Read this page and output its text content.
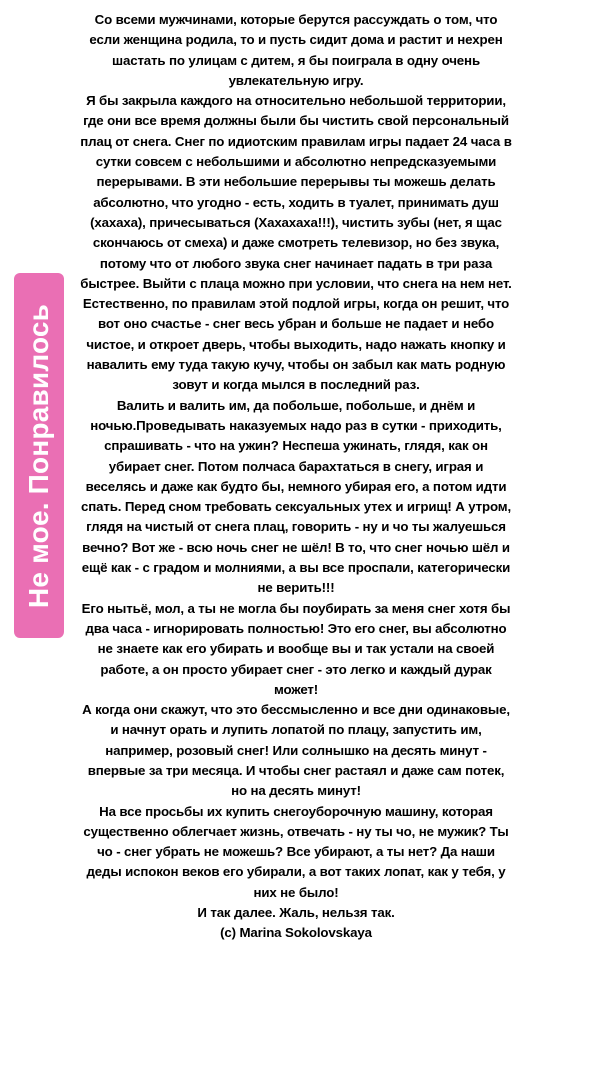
Со всеми мужчинами, которые берутся рассуждать о том, что если женщина родила, то и пусть сидит дома и растит и нехрен шастать по улицам с дитем, я бы поиграла в одну очень увлекательную игру.

Я бы закрыла каждого на относительно небольшой территории, где они все время должны были бы чистить свой персональный плац от снега. Снег по идиотским правилам игры падает 24 часа в сутки совсем с небольшими и абсолютно непредсказуемыми перерывами. В эти небольшие перерывы ты можешь делать абсолютно, что угодно - есть, ходить в туалет, принимать душ (хахаха), причесываться (Хахахаха!!!), чистить зубы (нет, я щас скончаюсь от смеха) и даже смотреть телевизор, но без звука, потому что от любого звука снег начинает падать в три раза быстрее. Выйти с плаца можно при условии, что снега на нем нет.

Естественно, по правилам этой подлой игры, когда он решит, что вот оно счастье - снег весь убран и больше не падает и небо чистое, и откроет дверь, чтобы выходить, надо нажать кнопку и навалить ему туда такую кучу, чтобы он забыл как мать родную зовут и когда мылся в последний раз.

Валить и валить им, да побольше, побольше, и днём и ночью.Проведывать наказуемых надо раз в сутки - приходить, спрашивать - что на ужин? Неспеша ужинать, глядя, как он убирает снег. Потом полчаса барахтаться в снегу, играя и веселясь и даже как будто бы, немного убирая его, а потом идти спать. Перед сном требовать сексуальных утех и игрищ! А утром, глядя на чистый от снега плац, говорить - ну и чо ты жалуешься вечно? Вот же - всю ночь снег не шёл! В то, что снег ночью шёл и ещё как - с градом и молниями, а вы все проспали, категорически не верить!!!

Его нытьё, мол, а ты не могла бы поубирать за меня снег хотя бы два часа - игнорировать полностью! Это его снег, вы абсолютно не знаете как его убирать и вообще вы и так устали на своей работе, а он просто убирает снег - это легко и каждый дурак может!

А когда они скажут, что это бессмысленно и все дни одинаковые, и начнут орать и лупить лопатой по плацу, запустить им, например, розовый снег! Или солнышко на десять минут - впервые за три месяца. И чтобы снег растаял и даже сам потек, но на десять минут!

На все просьбы их купить снегоуборочную машину, которая существенно облегчает жизнь, отвечать - ну ты чо, не мужик? Ты чо - снег убрать не можешь? Все убирают, а ты нет? Да наши деды испокон веков его убирали, а вот таких лопат, как у тебя, у них не было!

И так далее. Жаль, нельзя так.

(c) Marina Sokolovskaya

Не мое. Понравилось
